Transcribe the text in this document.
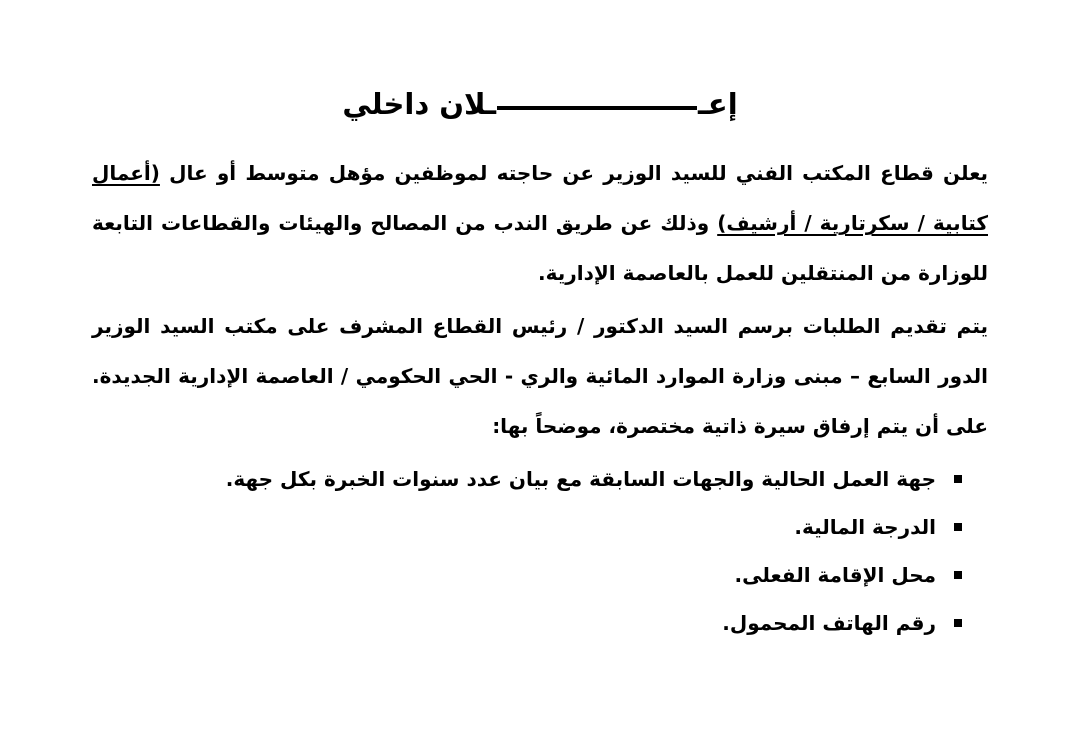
إعــلان داخلي
يعلن قطاع المكتب الفني للسيد الوزير عن حاجته لموظفين مؤهل متوسط أو عال (أعمال كتابية / سكرتارية / أرشيف) وذلك عن طريق الندب من المصالح والهيئات والقطاعات التابعة للوزارة من المنتقلين للعمل بالعاصمة الإدارية.
يتم تقديم الطلبات برسم السيد الدكتور / رئيس القطاع المشرف على مكتب السيد الوزير الدور السابع – مبنى وزارة الموارد المائية والري - الحي الحكومي / العاصمة الإدارية الجديدة. على أن يتم إرفاق سيرة ذاتية مختصرة، موضحاً بها:
جهة العمل الحالية والجهات السابقة مع بيان عدد سنوات الخبرة بكل جهة.
الدرجة المالية.
محل الإقامة الفعلى.
رقم الهاتف المحمول.
